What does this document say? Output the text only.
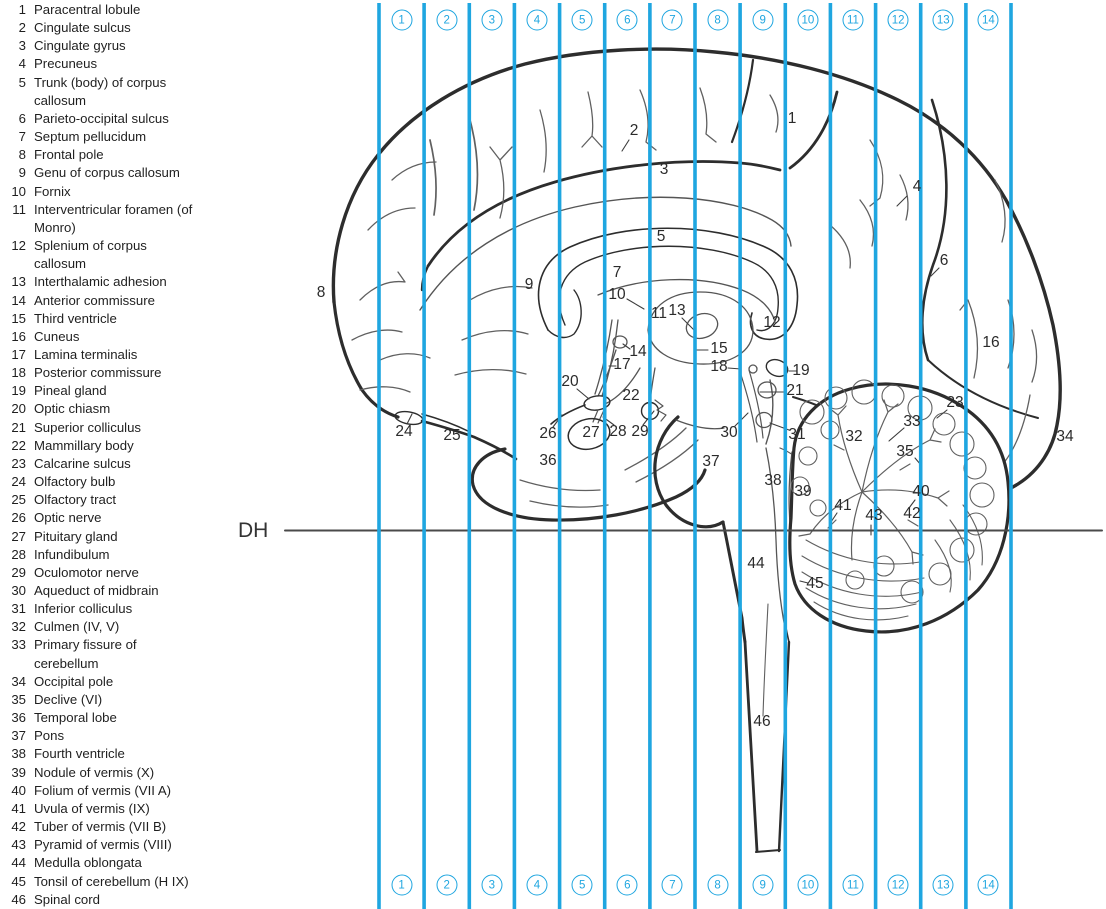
1 Paracentral lobule
2 Cingulate sulcus
3 Cingulate gyrus
4 Precuneus
5 Trunk (body) of corpus callosum
6 Parieto-occipital sulcus
7 Septum pellucidum
8 Frontal pole
9 Genu of corpus callosum
10 Fornix
11 Interventricular foramen (of Monro)
12 Splenium of corpus callosum
13 Interthalamic adhesion
14 Anterior commissure
15 Third ventricle
16 Cuneus
17 Lamina terminalis
18 Posterior commissure
19 Pineal gland
20 Optic chiasm
21 Superior colliculus
22 Mammillary body
23 Calcarine sulcus
24 Olfactory bulb
25 Olfactory tract
26 Optic nerve
27 Pituitary gland
28 Infundibulum
29 Oculomotor nerve
30 Aqueduct of midbrain
31 Inferior colliculus
32 Culmen (IV, V)
33 Primary fissure of cerebellum
34 Occipital pole
35 Declive (VI)
36 Temporal lobe
37 Pons
38 Fourth ventricle
39 Nodule of vermis (X)
40 Folium of vermis (VII A)
41 Uvula of vermis (IX)
42 Tuber of vermis (VII B)
43 Pyramid of vermis (VIII)
44 Medulla oblongata
45 Tonsil of cerebellum (H IX)
46 Spinal cord
DH
1
2
3
4
5
6
7
8	9
10
11
12
13
14	15	16
17	18	19
20
21
22	23
24 25	26 27 28 29	30	31	32
33
34
35
36	37
38
39	40
41	42
43
44
45
46
1	2	3	4	5	6	7	8	9	10	11	12	13	14
1	2	3	4	5	6	7	8	9	10	11	12	13	14
